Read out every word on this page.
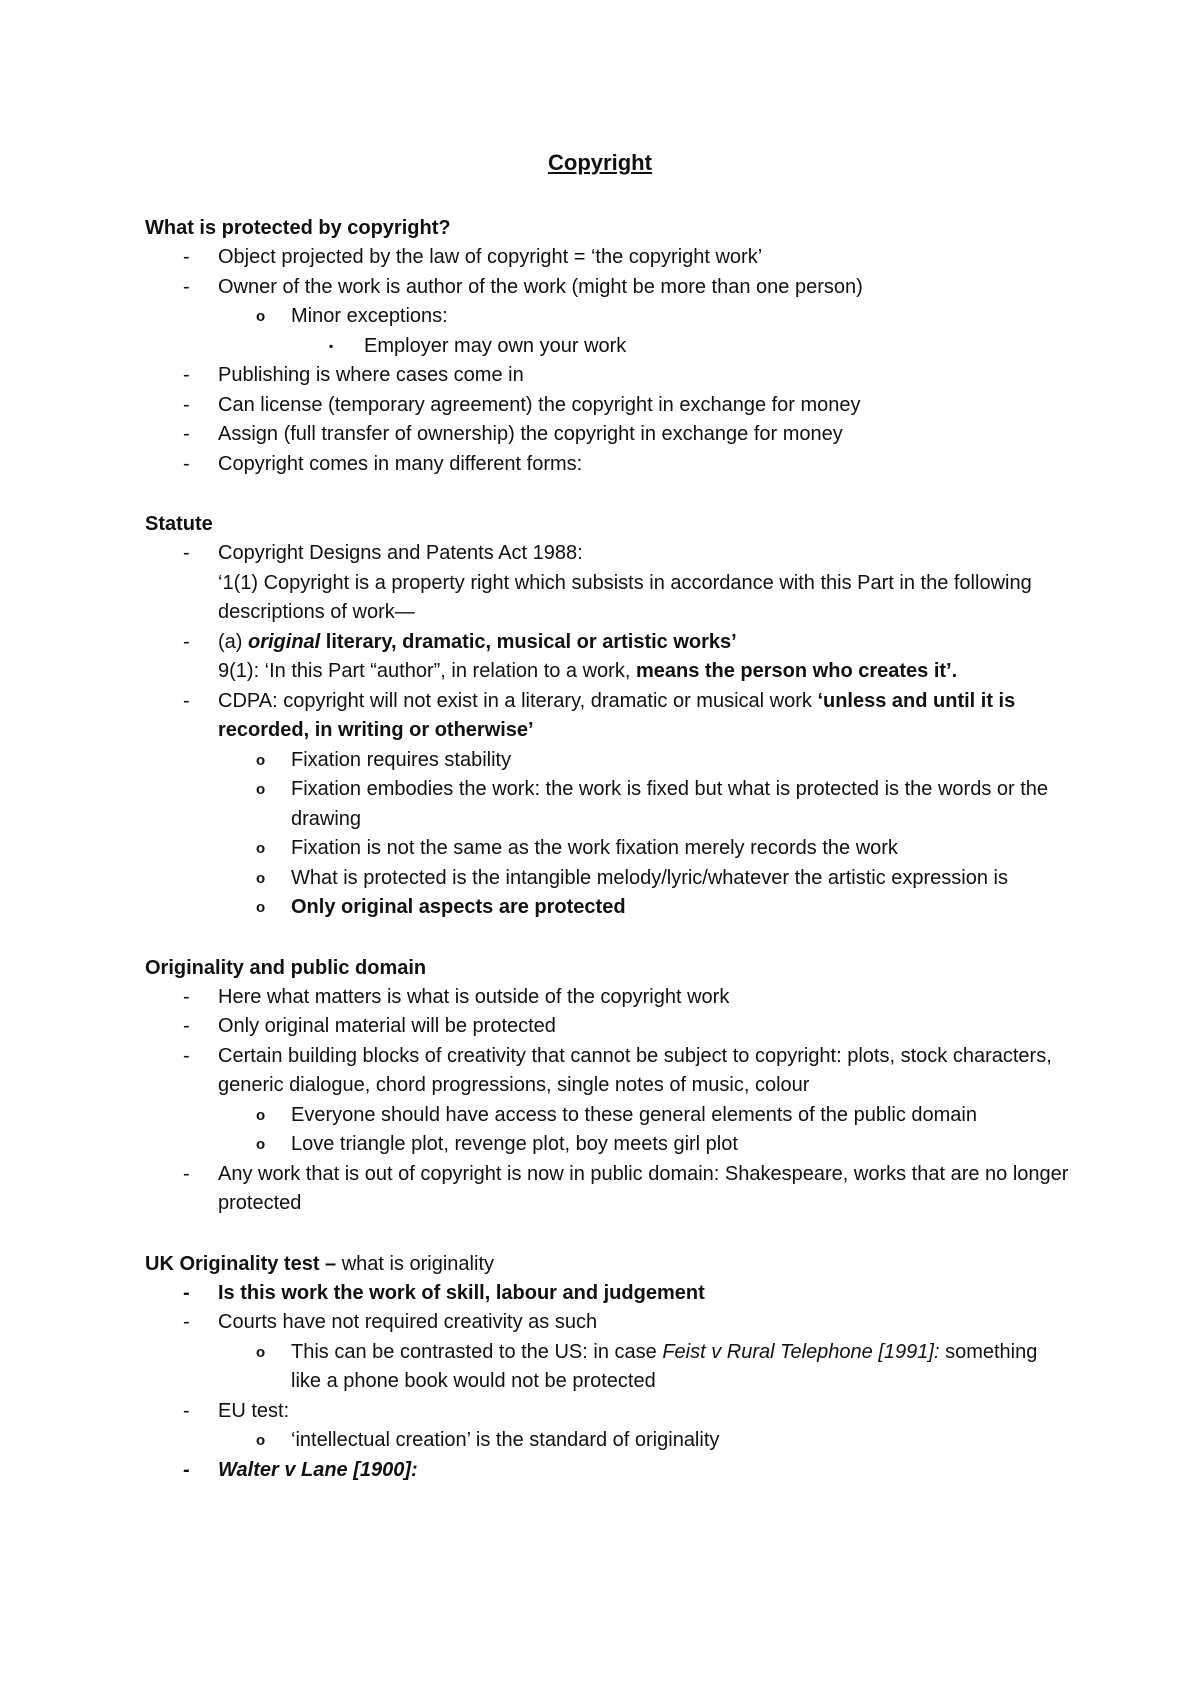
Copyright
What is protected by copyright?
- Object projected by the law of copyright = ‘the copyright work’
- Owner of the work is author of the work (might be more than one person)
o Minor exceptions:
▪ Employer may own your work
- Publishing is where cases come in
- Can license (temporary agreement) the copyright in exchange for money
- Assign (full transfer of ownership) the copyright in exchange for money
- Copyright comes in many different forms:
Statute
- Copyright Designs and Patents Act 1988:
‘1(1) Copyright is a property right which subsists in accordance with this Part in the following descriptions of work—
- (a) original literary, dramatic, musical or artistic works’
9(1): ‘In this Part “author”, in relation to a work, means the person who creates it’.
- CDPA: copyright will not exist in a literary, dramatic or musical work ‘unless and until it is recorded, in writing or otherwise’
o Fixation requires stability
o Fixation embodies the work: the work is fixed but what is protected is the words or the drawing
o Fixation is not the same as the work fixation merely records the work
o What is protected is the intangible melody/lyric/whatever the artistic expression is
o Only original aspects are protected
Originality and public domain
- Here what matters is what is outside of the copyright work
- Only original material will be protected
- Certain building blocks of creativity that cannot be subject to copyright: plots, stock characters, generic dialogue, chord progressions, single notes of music, colour
o Everyone should have access to these general elements of the public domain
o Love triangle plot, revenge plot, boy meets girl plot
- Any work that is out of copyright is now in public domain: Shakespeare, works that are no longer protected
UK Originality test – what is originality
- Is this work the work of skill, labour and judgement
- Courts have not required creativity as such
o This can be contrasted to the US: in case Feist v Rural Telephone [1991]: something like a phone book would not be protected
- EU test:
o ‘intellectual creation’ is the standard of originality
- Walter v Lane [1900]:
